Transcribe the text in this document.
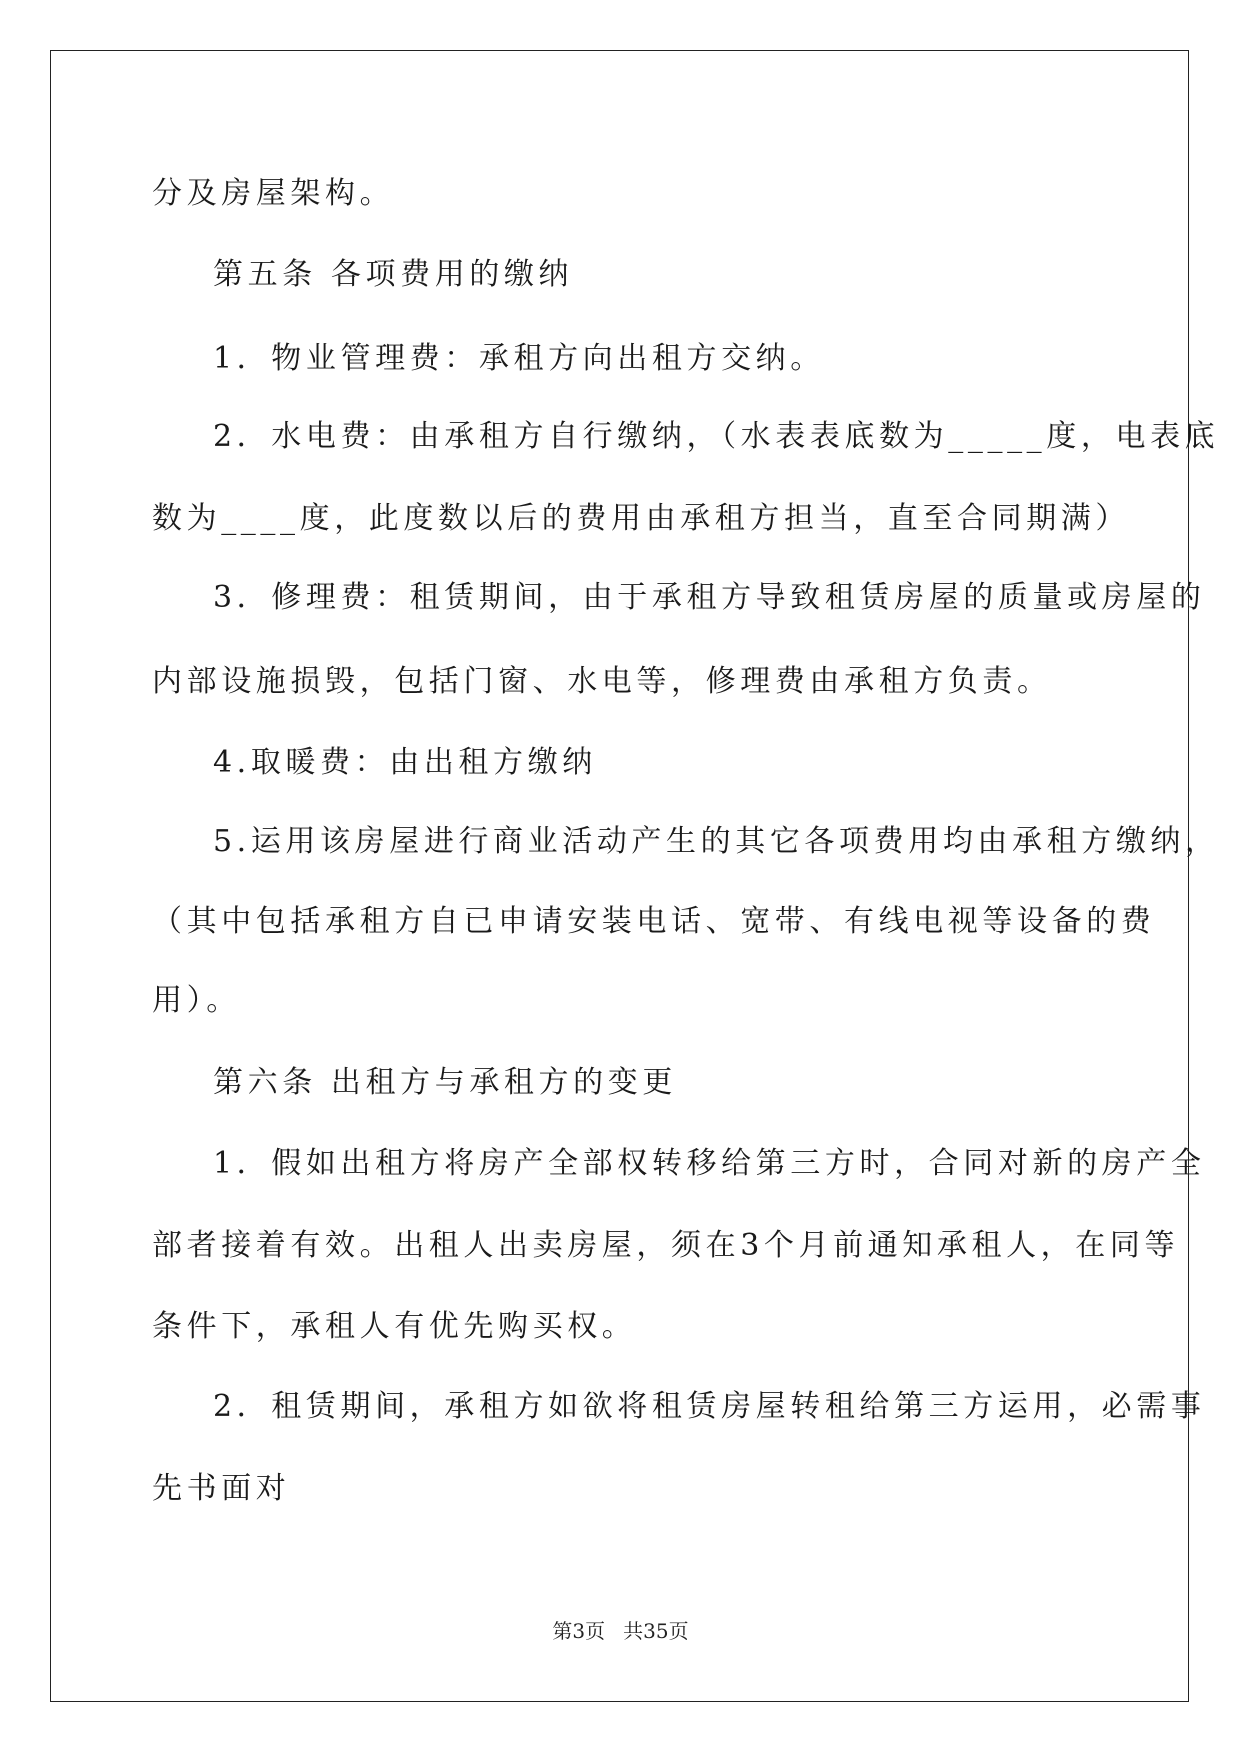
分及房屋架构。
第五条 各项费用的缴纳
1．物业管理费：承租方向出租方交纳。
2．水电费：由承租方自行缴纳，（水表表底数为_____度，电表底
数为____度，此度数以后的费用由承租方担当，直至合同期满）
3．修理费：租赁期间，由于承租方导致租赁房屋的质量或房屋的
内部设施损毁，包括门窗、水电等，修理费由承租方负责。
4.取暖费：由出租方缴纳
5.运用该房屋进行商业活动产生的其它各项费用均由承租方缴纳，
（其中包括承租方自已申请安装电话、宽带、有线电视等设备的费
用）。
第六条 出租方与承租方的变更
1．假如出租方将房产全部权转移给第三方时，合同对新的房产全
部者接着有效。出租人出卖房屋，须在3个月前通知承租人，在同等
条件下，承租人有优先购买权。
2．租赁期间，承租方如欲将租赁房屋转租给第三方运用，必需事
先书面对
第3页 共35页
